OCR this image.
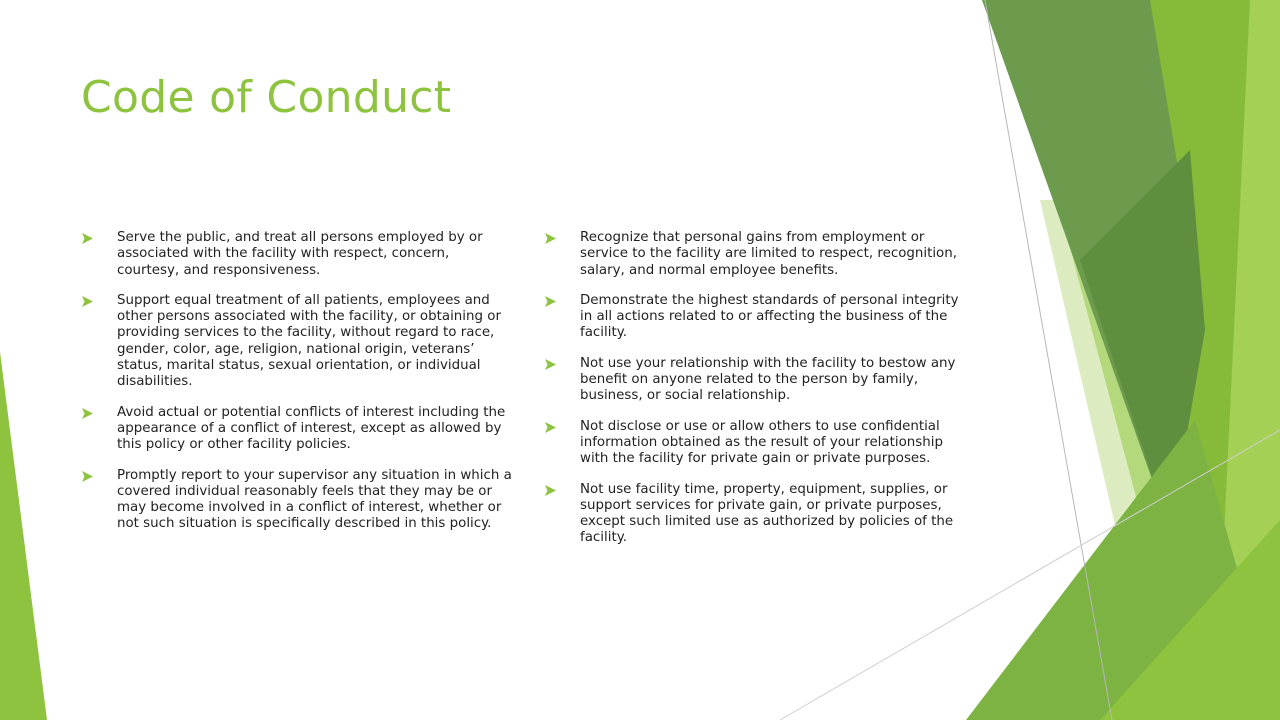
Code of Conduct
Serve the public, and treat all persons employed by or associated with the facility with respect, concern, courtesy, and responsiveness.
Support equal treatment of all patients, employees and other persons associated with the facility, or obtaining or providing services to the facility, without regard to race, gender, color, age, religion, national origin, veterans’ status, marital status, sexual orientation, or individual disabilities.
Avoid actual or potential conflicts of interest including the appearance of a conflict of interest, except as allowed by this policy or other facility policies.
Promptly report to your supervisor any situation in which a covered individual reasonably feels that they may be or may become involved in a conflict of interest, whether or not such situation is specifically described in this policy.
Recognize that personal gains from employment or service to the facility are limited to respect, recognition, salary, and normal employee benefits.
Demonstrate the highest standards of personal integrity in all actions related to or affecting the business of the facility.
Not use your relationship with the facility to bestow any benefit on anyone related to the person by family, business, or social relationship.
Not disclose or use or allow others to use confidential information obtained as the result of your relationship with the facility for private gain or private purposes.
Not use facility time, property, equipment, supplies, or support services for private gain, or private purposes, except such limited use as authorized by policies of the facility.
